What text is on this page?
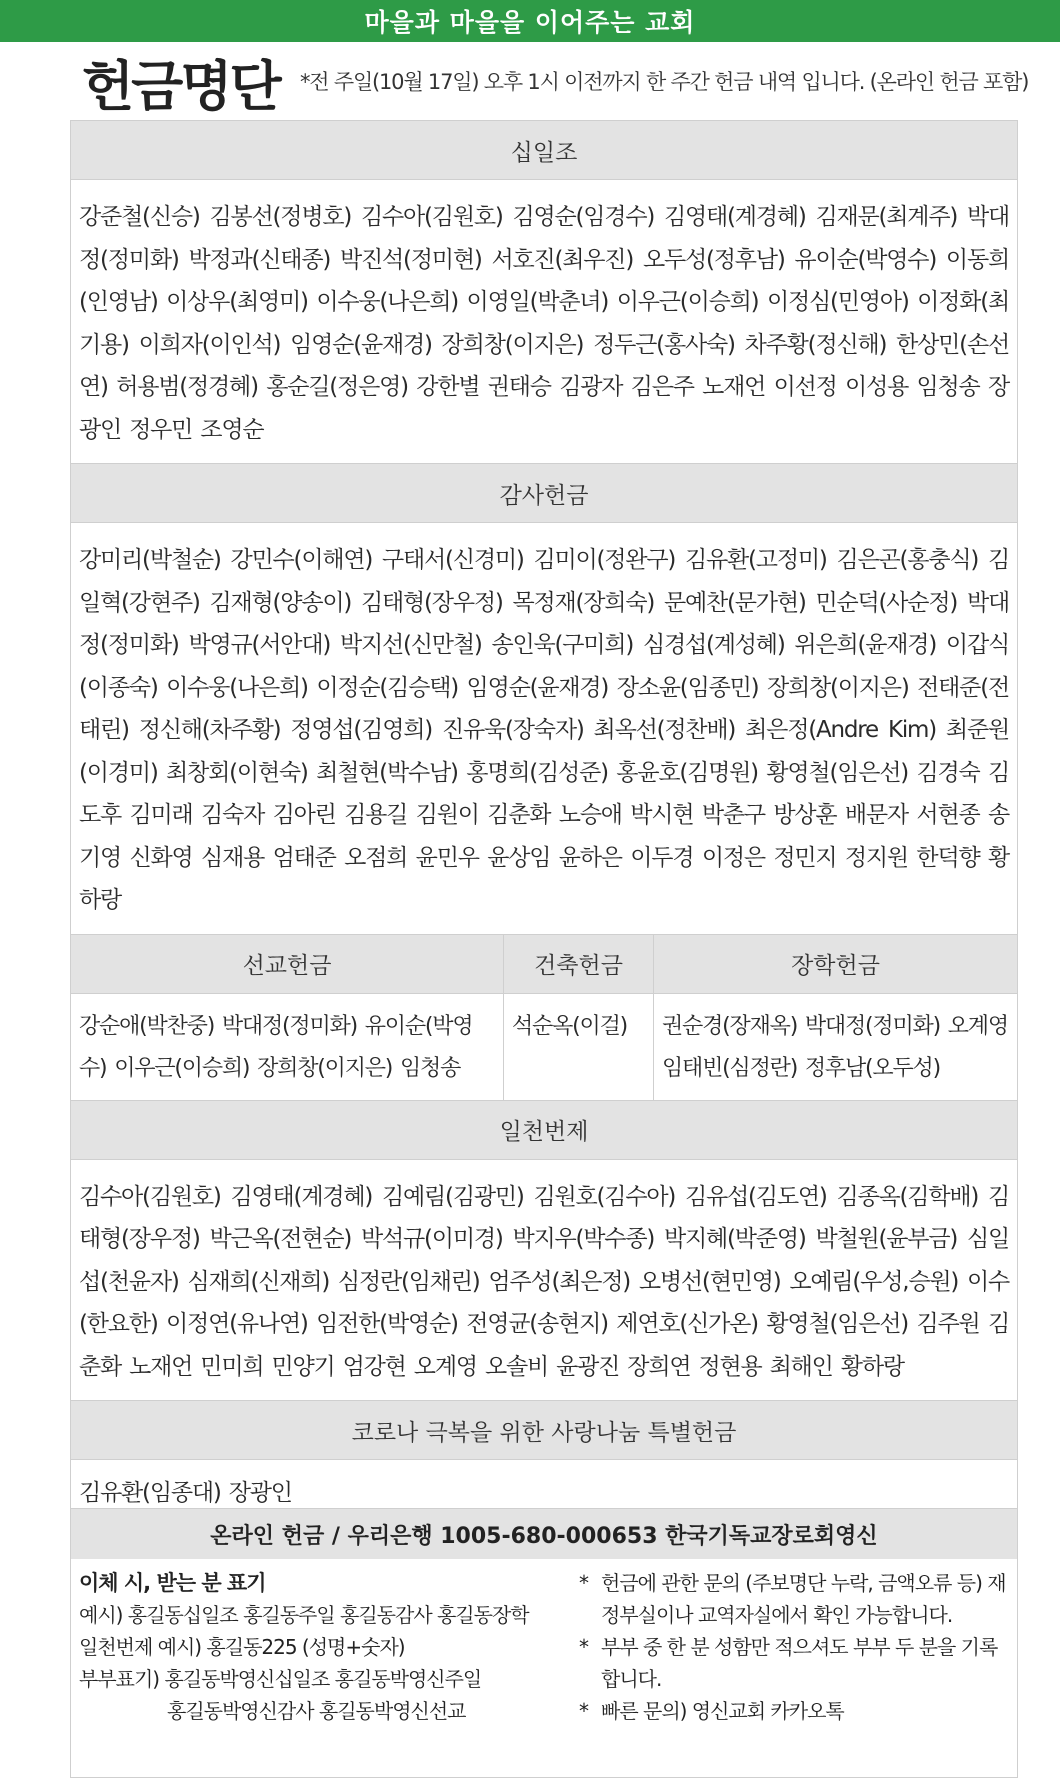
마을과 마을을 이어주는 교회
헌금명단 *전 주일(10월 17일) 오후 1시 이전까지 한 주간 헌금 내역 입니다. (온라인 헌금 포함)
십일조
강준철(신승) 김봉선(정병호) 김수아(김원호) 김영순(임경수) 김영태(계경혜) 김재문(최계주) 박대정(정미화) 박정과(신태종) 박진석(정미현) 서호진(최우진) 오두성(정후남) 유이순(박영수) 이동희(인영남) 이상우(최영미) 이수웅(나은희) 이영일(박춘녀) 이우근(이승희) 이정심(민영아) 이정화(최기용) 이희자(이인석) 임영순(윤재경) 장희창(이지은) 정두근(홍사숙) 차주황(정신해) 한상민(손선연) 허용범(정경혜) 홍순길(정은영) 강한별 권태승 김광자 김은주 노재언 이선정 이성용 임청송 장광인 정우민 조영순
감사헌금
강미리(박철순) 강민수(이해연) 구태서(신경미) 김미이(정완구) 김유환(고정미) 김은곤(홍충식) 김일혁(강현주) 김재형(양송이) 김태형(장우정) 목정재(장희숙) 문예찬(문가현) 민순덕(사순정) 박대정(정미화) 박영규(서안대) 박지선(신만철) 송인욱(구미희) 심경섭(계성혜) 위은희(윤재경) 이갑식(이종숙) 이수웅(나은희) 이정순(김승택) 임영순(윤재경) 장소윤(임종민) 장희창(이지은) 전태준(전태린) 정신해(차주황) 정영섭(김영희) 진유욱(장숙자) 최옥선(정찬배) 최은정(Andre Kim) 최준원(이경미) 최창회(이현숙) 최철현(박수남) 홍명희(김성준) 홍윤호(김명원) 황영철(임은선) 김경숙 김도후 김미래 김숙자 김아린 김용길 김원이 김춘화 노승애 박시현 박춘구 방상훈 배문자 서현종 송기영 신화영 심재용 엄태준 오점희 윤민우 윤상임 윤하은 이두경 이정은 정민지 정지원 한덕향 황하랑
선교헌금
강순애(박찬중) 박대정(정미화) 유이순(박영수) 이우근(이승희) 장희창(이지은) 임청송
건축헌금
석순옥(이걸)
장학헌금
권순경(장재옥) 박대정(정미화) 오계영 임태빈(심정란) 정후남(오두성)
일천번제
김수아(김원호) 김영태(계경혜) 김예림(김광민) 김원호(김수아) 김유섭(김도연) 김종옥(김학배) 김태형(장우정) 박근옥(전현순) 박석규(이미경) 박지우(박수종) 박지혜(박준영) 박철원(윤부금) 심일섭(천윤자) 심재희(신재희) 심정란(임채린) 엄주성(최은정) 오병선(현민영) 오예림(우성,승원) 이수(한요한) 이정연(유나연) 임전한(박영순) 전영균(송현지) 제연호(신가온) 황영철(임은선) 김주원 김춘화 노재언 민미희 민양기 엄강현 오계영 오솔비 윤광진 장희연 정현용 최해인 황하랑
코로나 극복을 위한 사랑나눔 특별헌금
김유환(임종대) 장광인
온라인 헌금 / 우리은행 1005-680-000653 한국기독교장로회영신
이체 시, 받는 분 표기
예시) 홍길동십일조 홍길동주일 홍길동감사 홍길동장학
일천번제 예시) 홍길동225 (성명+숫자)
부부표기) 홍길동박영신십일조 홍길동박영신주일
홍길동박영신감사 홍길동박영신선교
* 헌금에 관한 문의 (주보명단 누락, 금액오류 등) 재정부실이나 교역자실에서 확인 가능합니다.
* 부부 중 한 분 성함만 적으셔도 부부 두 분을 기록합니다.
* 빠른 문의) 영신교회 카카오톡
